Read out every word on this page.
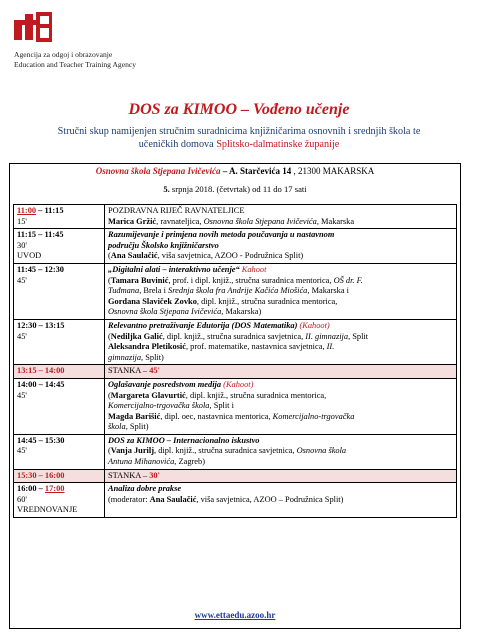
Agencija za odgoj i obrazovanje
Education and Teacher Training Agency
DOS za KIMOO – Vođeno učenje
Stručni skup namijenjen stručnim suradnicima knjižničarima osnovnih i srednjih škola te
učeničkih domova Splitsko-dalmatinske županije
Osnovna škola Stjepana Ivičevića – A. Starčevića 14 , 21300 MAKARSKA
5. srpnja 2018. (četvrtak) od 11 do 17 sati
11:00 – 11:15
15'	POZDRAVNA RIJEČ RAVNATELJICE
Marica Gržić, ravnateljica, Osnovna škola Stjepana Ivičevića, Makarska
11:15 – 11:45
30'
UVOD	Razumijevanje i primjena novih metoda poučavanja u nastavnom
području Školsko knjižničarstvo
(Ana Saulačić, viša savjetnica, AZOO - Podružnica Split)
11:45 – 12:30
45'	„Digitalni alati – interaktivno učenje“ Kahoot
(Tamara Buvinić, prof. i dipl. knjiž., stručna suradnica mentorica, OŠ dr. F.
Tuđmana, Brela i Srednja škola fra Andrije Kačića Miošića, Makarska i
Gordana Slaviček Zovko, dipl. knjiž., stručna suradnica mentorica,
Osnovna škola Stjepana Ivičevića, Makarska)
12:30 – 13:15
45'	Relevantno pretraživanje Edutorija (DOS Matematika) (Kahoot)
(Nedilјka Galić, dipl. knjiž., stručna suradnica savjetnica, II. gimnazija, Split
Aleksandra Pletikosić, prof. matematike, nastavnica savjetnica, II.
gimnazija, Split)
13:15 – 14:00	STANKA – 45'
14:00 – 14:45
45'	Oglašavanje posredstvom medija (Kahoot)
(Margareta Glavurtić, dipl. knjiž., stručna suradnica mentorica,
Komercijalno-trgovačka škola, Split i
Magda Barišić, dipl. oec, nastavnica mentorica, Komercijalno-trgovačka
škola, Split)
14:45 – 15:30
45'	DOS za KIMOO – Internacionalno iskustvo
(Vanja Jurilj, dipl. knjiž., stručna suradnica savjetnica, Osnovna škola
Antuna Mihanovića, Zagreb)
15:30 – 16:00	STANKA – 30'
16:00 – 17:00
60'
VREDNOVANJE	Analiza dobre prakse
(moderator: Ana Saulačić, viša savjetnica, AZOO – Podružnica Split)
www.ettaedu.azoo.hr
